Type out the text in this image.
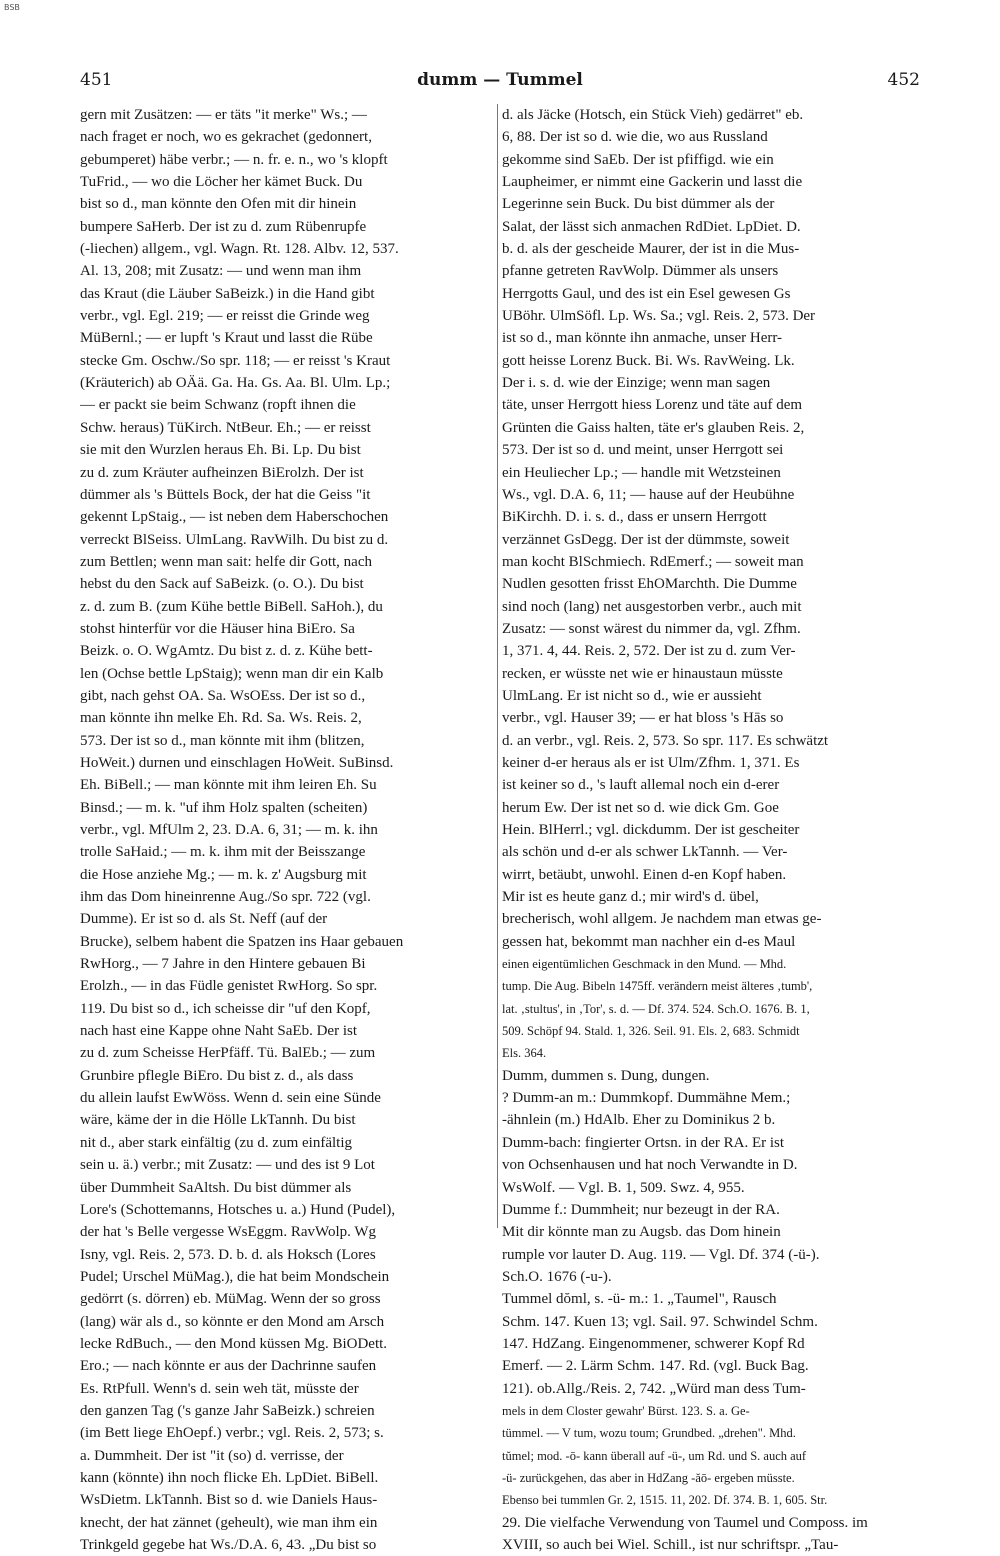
BSB
451	dumm — Tummel	452
gern mit Zusätzen: — er täts "it merke" Ws.; —
nach fraget er noch, wo es gekrachet (gedonnert,
gebumperet) häbe verbr.; — n. fr. e. n., wo 's klopft
TuFrid., — wo die Löcher her kämet Buck. Du
bist so d., man könnte den Ofen mit dir hinein
bumpere SaHerb. Der ist zu d. zum Rübenrupfe
(-liechen) allgem., vgl. Wagn. Rt. 128. Albv. 12, 537.
Al. 13, 208; mit Zusatz: — und wenn man ihm
das Kraut (die Läuber SaBeizk.) in die Hand gibt
verbr., vgl. Egl. 219; — er reisst die Grinde weg
MüBernl.; — er lupft 's Kraut und lasst die Rübe
stecke Gm. Oschw./So spr. 118; — er reisst 's Kraut
(Kräuterich) ab OÄä. Ga. Ha. Gs. Aa. Bl. Ulm. Lp.;
— er packt sie beim Schwanz (ropft ihnen die
Schw. heraus) TüKirch. NtBeur. Eh.; — er reisst
sie mit den Wurzlen heraus Eh. Bi. Lp. Du bist
zu d. zum Kräuter aufheinzen BiErolzh. Der ist
dümmer als 's Büttels Bock, der hat die Geiss "it
gekennt LpStaig., — ist neben dem Haberschochen
verreckt BlSeiss. UlmLang. RavWilh. Du bist zu d.
zum Bettlen; wenn man sait: helfe dir Gott, nach
hebst du den Sack auf SaBeizk. (o. O.). Du bist
z. d. zum B. (zum Kühe bettle BiBell. SaHoh.), du
stohst hinterfür vor die Häuser hina BiEro. Sa
Beizk. o. O. WgAmtz. Du bist z. d. z. Kühe bett-
len (Ochse bettle LpStaig); wenn man dir ein Kalb
gibt, nach gehst OA. Sa. WsOEss. Der ist so d.,
man könnte ihn melke Eh. Rd. Sa. Ws. Reis. 2,
573. Der ist so d., man könnte mit ihm (blitzen,
HoWeit.) durnen und einschlagen HoWeit. SuBinsd.
Eh. BiBell.; — man könnte mit ihm leiren Eh. Su
Binsd.; — m. k. "uf ihm Holz spalten (scheiten)
verbr., vgl. MfUlm 2, 23. D.A. 6, 31; — m. k. ihn
trolle SaHaid.; — m. k. ihm mit der Beisszange
die Hose anziehe Mg.; — m. k. z' Augsburg mit
ihm das Dom hineinrenne Aug./So spr. 722 (vgl.
Dumme). Er ist so d. als St. Neff (auf der
Brucke), selbem habent die Spatzen ins Haar gebauen
RwHorg., — 7 Jahre in den Hintere gebauen Bi
Erolzh., — in das Füdle genistet RwHorg. So spr.
119. Du bist so d., ich scheisse dir "uf den Kopf,
nach hast eine Kappe ohne Naht SaEb. Der ist
zu d. zum Scheisse HerPfäff. Tü. BalEb.; — zum
Grunbire pflegle BiEro. Du bist z. d., als dass
du allein laufst EwWöss. Wenn d. sein eine Sünde
wäre, käme der in die Hölle LkTannh. Du bist
nit d., aber stark einfältig (zu d. zum einfältig
sein u. ä.) verbr.; mit Zusatz: — und des ist 9 Lot
über Dummheit SaAltsh. Du bist dümmer als
Lore's (Schottemanns, Hotsches u. a.) Hund (Pudel),
der hat 's Belle vergesse WsEggm. RavWolp. Wg
Isny, vgl. Reis. 2, 573. D. b. d. als Hoksch (Lores
Pudel; Urschel MüMag.), die hat beim Mondschein
gedörrt (s. dörren) eb. MüMag. Wenn der so gross
(lang) wär als d., so könnte er den Mond am Arsch
lecke RdBuch., — den Mond küssen Mg. BiODett.
Ero.; — nach könnte er aus der Dachrinne saufen
Es. RtPfull. Wenn's d. sein weh tät, müsste der
den ganzen Tag ('s ganze Jahr SaBeizk.) schreien
(im Bett liege EhOepf.) verbr.; vgl. Reis. 2, 573; s.
a. Dummheit. Der ist "it (so) d. verrisse, der
kann (könnte) ihn noch flicke Eh. LpDiet. BiBell.
WsDietm. LkTannh. Bist so d. wie Daniels Haus-
knecht, der hat zännet (geheult), wie man ihm ein
Trinkgeld gegebe hat Ws./D.A. 6, 43. „Du bist so
d. als Jäcke (Hotsch, ein Stück Vieh) gedärret" eb.
6, 88. Der ist so d. wie die, wo aus Russland
gekomme sind SaEb. Der ist pfiffigd. wie ein
Laupheimer, er nimmt eine Gackerin und lasst die
Legerinne sein Buck. Du bist dümmer als der
Salat, der lässt sich anmachen RdDiet. LpDiet. D.
b. d. als der gescheide Maurer, der ist in die Mus-
pfanne getreten RavWolp. Dümmer als unsers
Herrgotts Gaul, und des ist ein Esel gewesen Gs
UBöhr. UlmSöfl. Lp. Ws. Sa.; vgl. Reis. 2, 573. Der
ist so d., man könnte ihn anmache, unser Herr-
gott heisse Lorenz Buck. Bi. Ws. RavWeing. Lk.
Der i. s. d. wie der Einzige; wenn man sagen
täte, unser Herrgott hiess Lorenz und täte auf dem
Grünten die Gaiss halten, täte er's glauben Reis. 2,
573. Der ist so d. und meint, unser Herrgott sei
ein Heuliecher Lp.; — handle mit Wetzsteinen
Ws., vgl. D.A. 6, 11; — hause auf der Heubühne
BiKirchh. D. i. s. d., dass er unsern Herrgott
verzännet GsDegg. Der ist der dümmste, soweit
man kocht BlSchmiech. RdEmerf.; — soweit man
Nudlen gesotten frisst EhOMarchth. Die Dumme
sind noch (lang) net ausgestorben verbr., auch mit
Zusatz: — sonst wärest du nimmer da, vgl. Zfhm.
1, 371. 4, 44. Reis. 2, 572. Der ist zu d. zum Ver-
recken, er wüsste net wie er hinaustaun müsste
UlmLang. Er ist nicht so d., wie er aussieht
verbr., vgl. Hauser 39; — er hat bloss 's Hās so
d. an verbr., vgl. Reis. 2, 573. So spr. 117. Es schwätzt
keiner d-er heraus als er ist Ulm/Zfhm. 1, 371. Es
ist keiner so d., 's lauft allemal noch ein d-erer
herum Ew. Der ist net so d. wie dick Gm. Goe
Hein. BlHerrl.; vgl. dickdumm. Der ist gescheiter
als schön und d-er als schwer LkTannh. — Ver-
wirrt, betäubt, unwohl. Einen d-en Kopf haben.
Mir ist es heute ganz d.; mir wird's d. übel,
brecherisch, wohl allgem. Je nachdem man etwas ge-
gessen hat, bekommt man nachher ein d-es Maul
einen eigentümlichen Geschmack in den Mund. — Mhd.
tump. Die Aug. Bibeln 1475ff. verändern meist älteres ‚tumb',
lat. ‚stultus', in ‚Tor', s. d. — Df. 374. 524. Sch.O. 1676. B. 1,
509. Schöpf 94. Stald. 1, 326. Seil. 91. Els. 2, 683. Schmidt
Els. 364.
Dumm, dummen s. Dung, dungen.
? Dumm-an m.: Dummkopf. Dummähne Mem.;
-ähnlein (m.) HdAlb. Eher zu Dominikus 2 b.
Dumm-bach: fingierter Ortsn. in der RA. Er ist
von Ochsenhausen und hat noch Verwandte in D.
WsWolf. — Vgl. B. 1, 509. Swz. 4, 955.
Dumme f.: Dummheit; nur bezeugt in der RA.
Mit dir könnte man zu Augsb. das Dom hinein
rumple vor lauter D. Aug. 119. — Vgl. Df. 374 (-ü-).
Sch.O. 1676 (-u-).
Tummel dŏml, s. -ü- m.: 1. „Taumel", Rausch
Schm. 147. Kuen 13; vgl. Sail. 97. Schwindel Schm.
147. HdZang. Eingenommener, schwerer Kopf Rd
Emerf. — 2. Lärm Schm. 147. Rd. (vgl. Buck Bag.
121). ob.Allg./Reis. 2, 742. „Würd man dess Tum-
mels in dem Closter gewahr' Bürst. 123. S. a. Ge-
tümmel. — V tum, wozu toum; Grundbed. „drehen". Mhd.
tŭmel; mod. -ō- kann überall auf -ü-, um Rd. und S. auch auf
-ü- zurückgehen, das aber in HdZang -ăō- ergeben müsste.
Ebenso bei tummlen Gr. 2, 1515. 11, 202. Df. 374. B. 1, 605. Str.
29. Die vielfache Verwendung von Taumel und Composs. im
XVIII, so auch bei Wiel. Schill., ist nur schriftspr. „Tau-
